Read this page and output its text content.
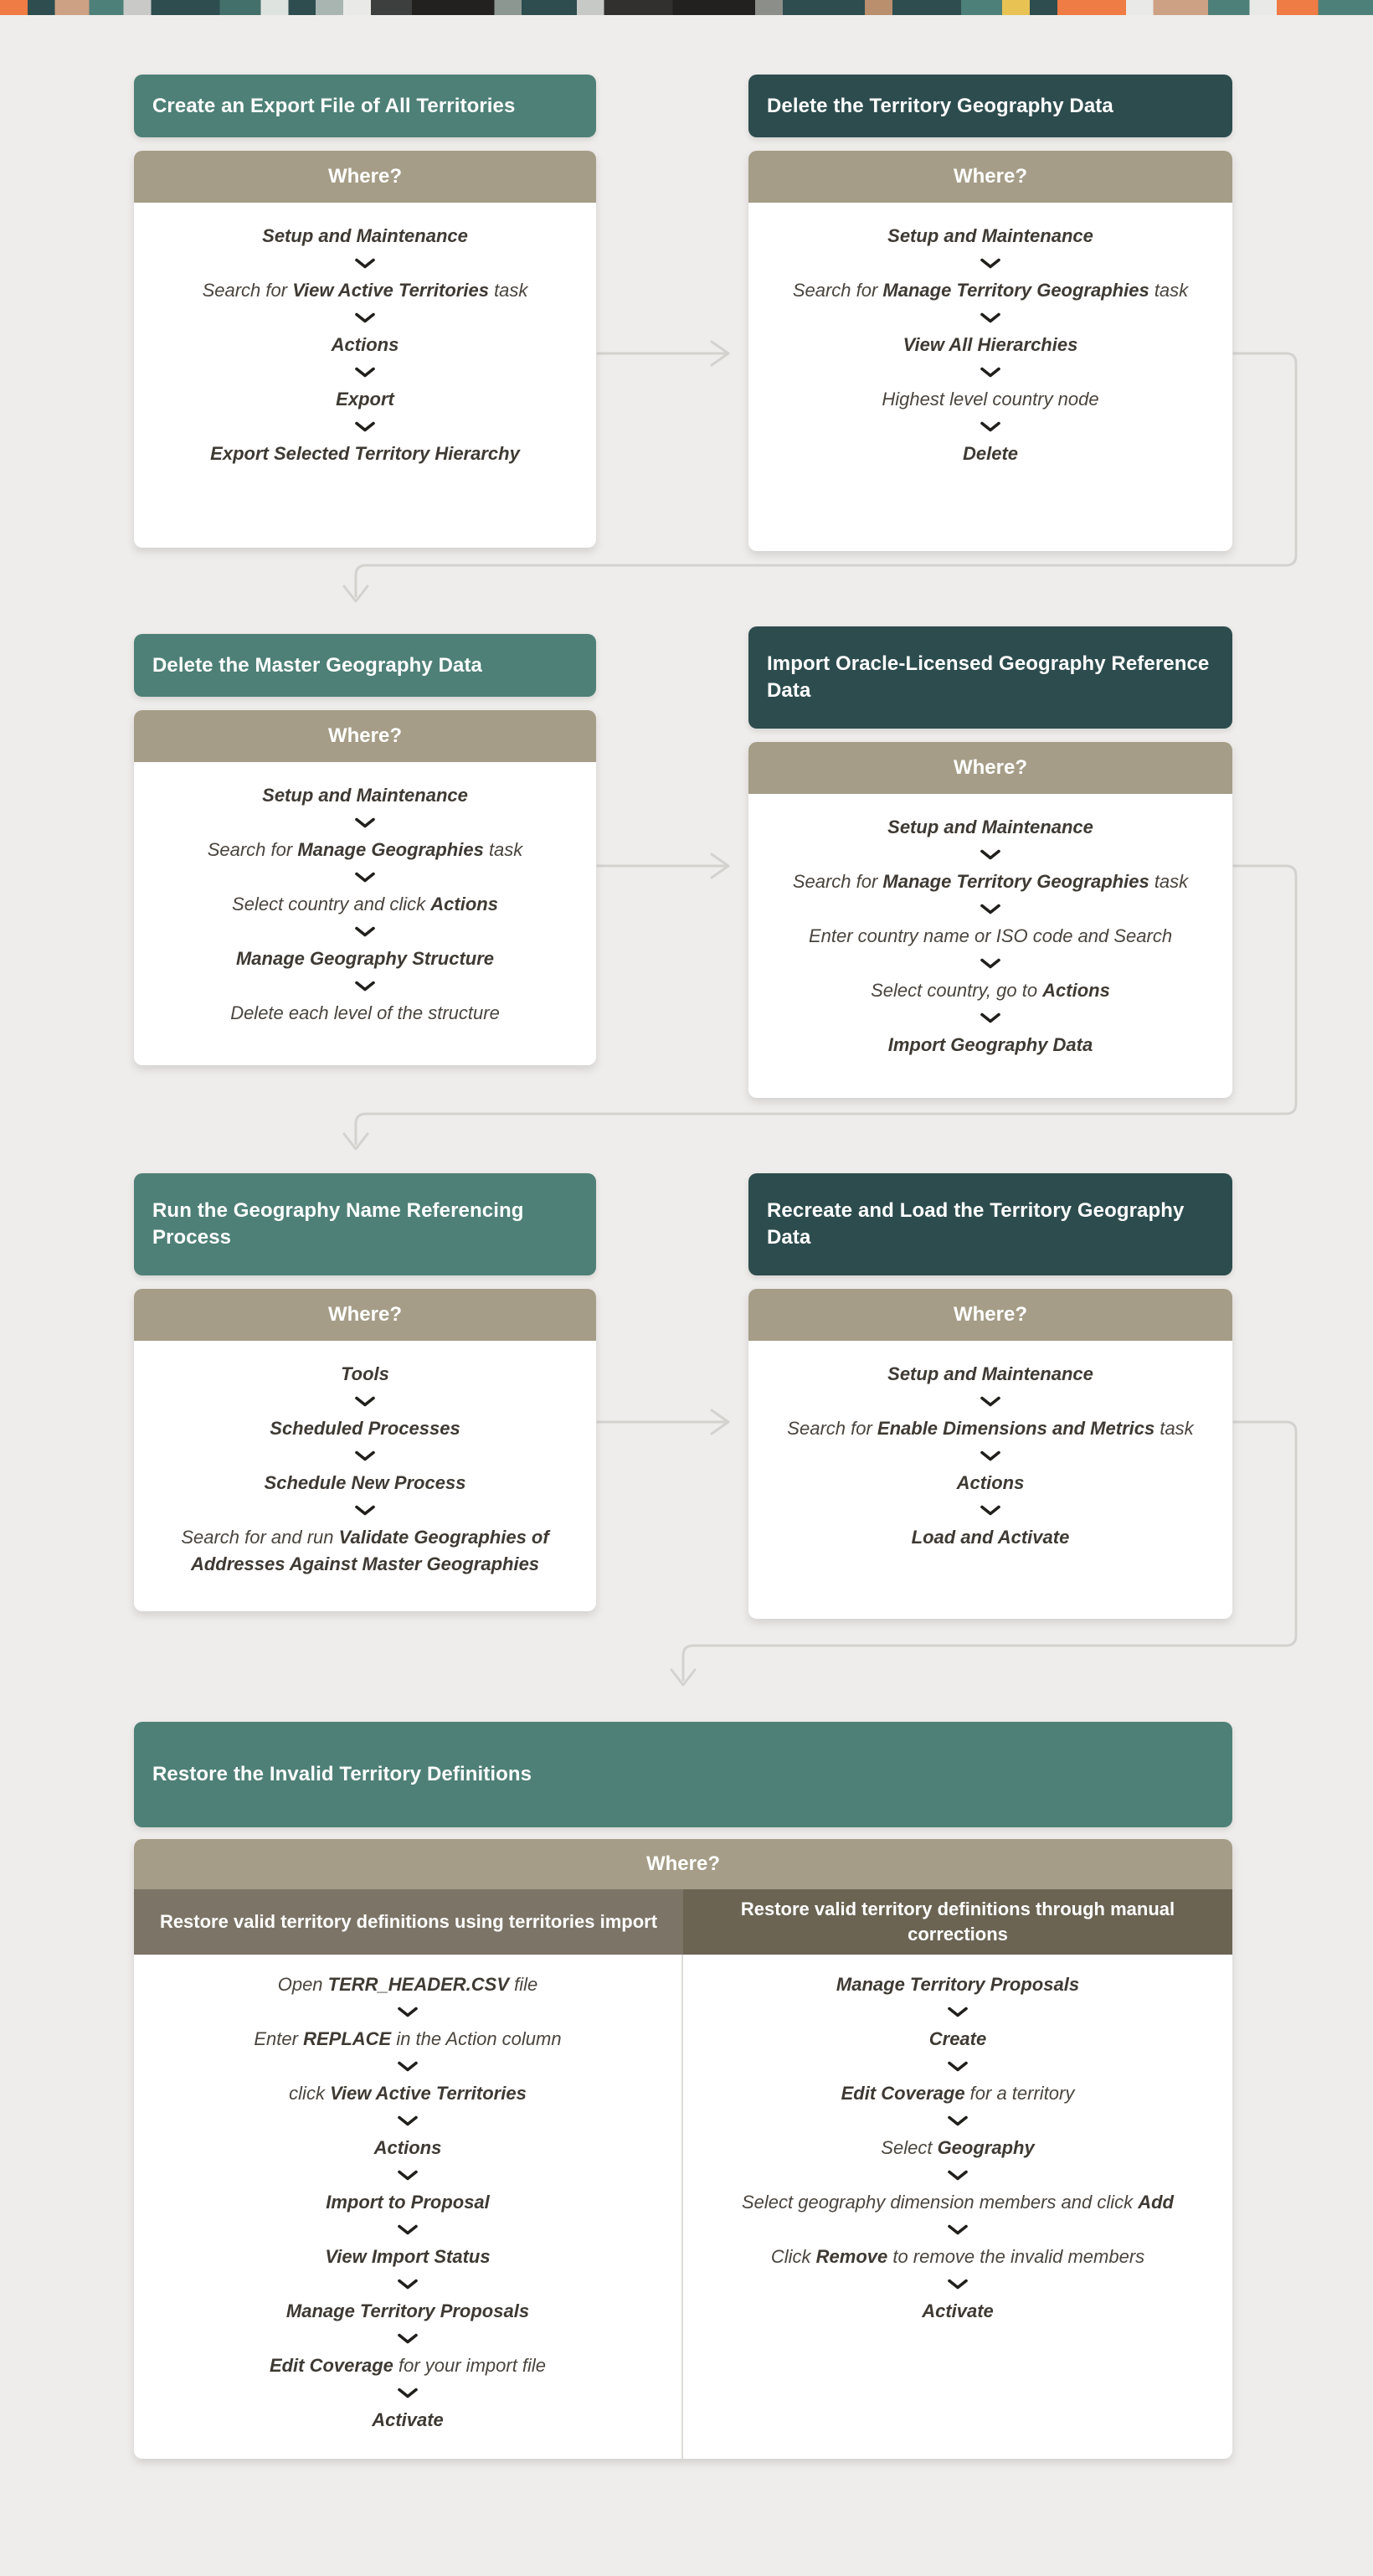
Create an Export File of All Territories
Where?
Setup and Maintenance
Search for View Active Territories task
Actions
Export
Export Selected Territory Hierarchy
Delete the Territory Geography Data
Where?
Setup and Maintenance
Search for Manage Territory Geographies task
View All Hierarchies
Highest level country node
Delete
Delete the Master Geography Data
Where?
Setup and Maintenance
Search for Manage Geographies task
Select country and click Actions
Manage Geography Structure
Delete each level of the structure
Import Oracle-Licensed Geography Reference Data
Where?
Setup and Maintenance
Search for Manage Territory Geographies task
Enter country name or ISO code and Search
Select country, go to Actions
Import Geography Data
Run the Geography Name Referencing Process
Where?
Tools
Scheduled Processes
Schedule New Process
Search for and run Validate Geographies of Addresses Against Master Geographies
Recreate and Load the Territory Geography Data
Where?
Setup and Maintenance
Search for Enable Dimensions and Metrics task
Actions
Load and Activate
Restore the Invalid Territory Definitions
Where?
Restore valid territory definitions using territories import
Restore valid territory definitions through manual corrections
Open TERR_HEADER.CSV file
Enter REPLACE in the Action column
click View Active Territories
Actions
Import to Proposal
View Import Status
Manage Territory Proposals
Edit Coverage for your import file
Activate
Manage Territory Proposals
Create
Edit Coverage for a territory
Select Geography
Select geography dimension members and click Add
Click Remove to remove the invalid members
Activate
